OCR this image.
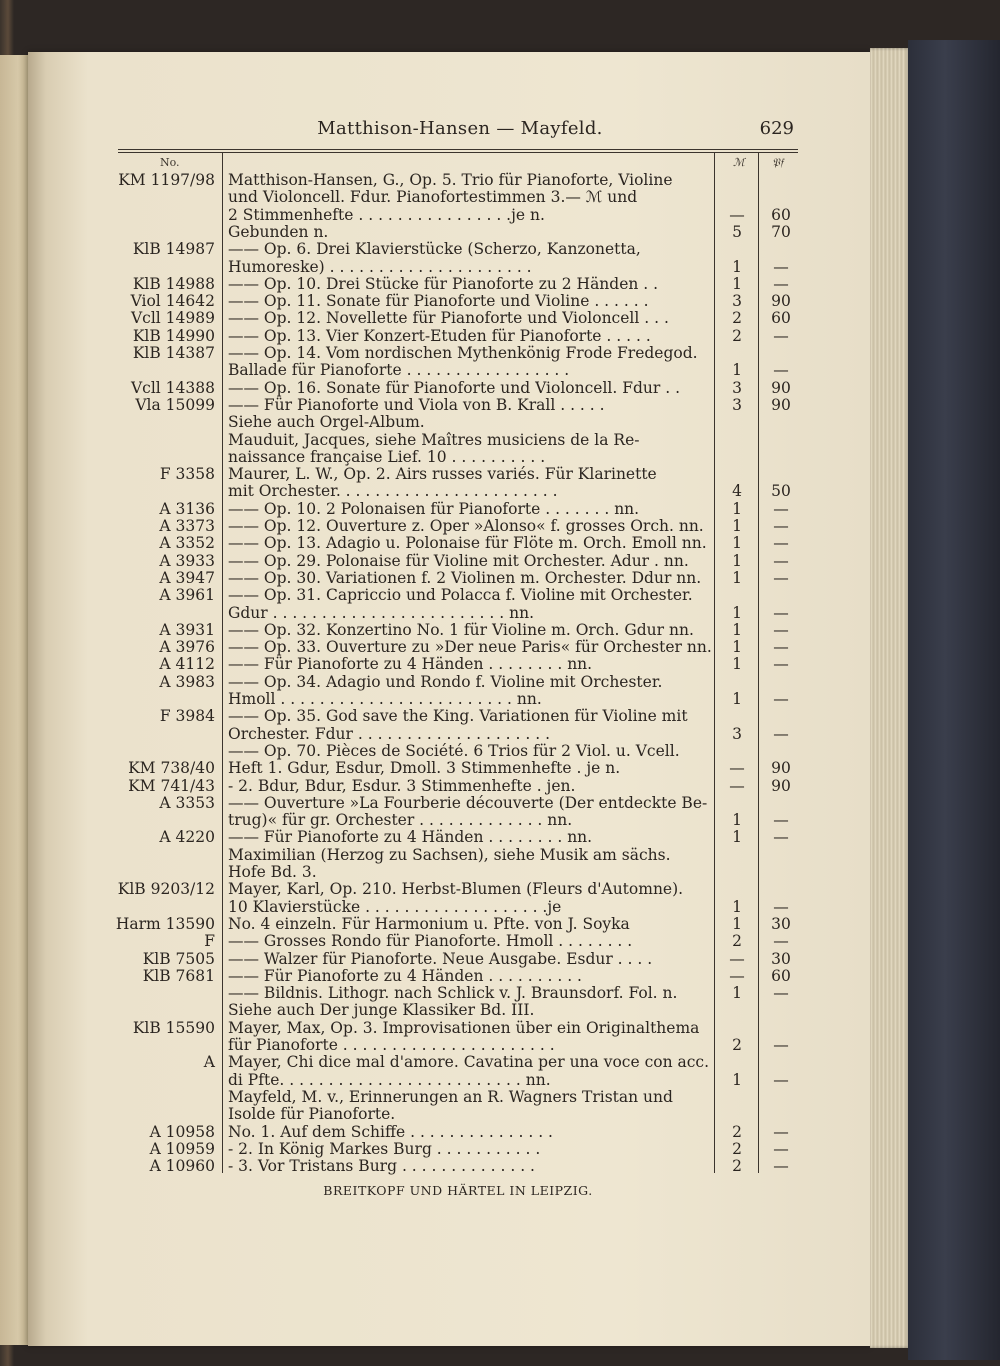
Matthison-Hansen — Mayfeld.	629
No.	ℳ 𝔓𝔣
KM 1197/98 Matthison-Hansen, G., Op. 5. Trio für Pianoforte, Violine
und Violoncell. Fdur. Pianofortestimmen 3.— ℳ und
2 Stimmenhefte . . . . . . . . . . . . . . . .je n.	—	60
Gebunden n.	5	70
KlB 14987 —— Op. 6. Drei Klavierstücke (Scherzo, Kanzonetta,
Humoreske) . . . . . . . . . . . . . . . . . . . . .	1	—
KlB 14988 —— Op. 10. Drei Stücke für Pianoforte zu 2 Händen . .	1	—
Viol 14642 —— Op. 11. Sonate für Pianoforte und Violine . . . . . .	3	90
Vcll 14989 —— Op. 12. Novellette für Pianoforte und Violoncell . . .	2	60
KlB 14990 —— Op. 13. Vier Konzert-Etuden für Pianoforte . . . . .	2	—
KlB 14387 —— Op. 14. Vom nordischen Mythenkönig Frode Fredegod.
Ballade für Pianoforte . . . . . . . . . . . . . . . . .	1	—
Vcll 14388 —— Op. 16. Sonate für Pianoforte und Violoncell. Fdur . .	3	90
Vla 15099 —— Für Pianoforte und Viola von B. Krall . . . . .	3	90
Siehe auch Orgel-Album.
Mauduit, Jacques, siehe Maîtres musiciens de la Re-
naissance française Lief. 10 . . . . . . . . . .
F 3358 Maurer, L. W., Op. 2. Airs russes variés. Für Klarinette
mit Orchester. . . . . . . . . . . . . . . . . . . . . . .	4	50
A 3136 —— Op. 10. 2 Polonaisen für Pianoforte . . . . . . . nn.	1	—
A 3373 —— Op. 12. Ouverture z. Oper »Alonso« f. grosses Orch. nn.	1	—
A 3352 —— Op. 13. Adagio u. Polonaise für Flöte m. Orch. Emoll nn.	1	—
A 3933 —— Op. 29. Polonaise für Violine mit Orchester. Adur . nn.	1	—
A 3947 —— Op. 30. Variationen f. 2 Violinen m. Orchester. Ddur nn.	1	—
A 3961 —— Op. 31. Capriccio und Polacca f. Violine mit Orchester.
Gdur . . . . . . . . . . . . . . . . . . . . . . . . nn.	1	—
A 3931 —— Op. 32. Konzertino No. 1 für Violine m. Orch. Gdur nn.	1	—
A 3976 —— Op. 33. Ouverture zu »Der neue Paris« für Orchester nn.	1	—
A 4112 —— Für Pianoforte zu 4 Händen . . . . . . . . nn.	1	—
A 3983 —— Op. 34. Adagio und Rondo f. Violine mit Orchester.
Hmoll . . . . . . . . . . . . . . . . . . . . . . . . nn.	1	—
F 3984 —— Op. 35. God save the King. Variationen für Violine mit
Orchester. Fdur . . . . . . . . . . . . . . . . . . . .	3	—
—— Op. 70. Pièces de Société. 6 Trios für 2 Viol. u. Vcell.
KM 738/40 Heft 1. Gdur, Esdur, Dmoll. 3 Stimmenhefte . je n.	—	90
KM 741/43 - 2. Bdur, Bdur, Esdur. 3 Stimmenhefte . jen.	—	90
A 3353 —— Ouverture »La Fourberie découverte (Der entdeckte Be-
trug)« für gr. Orchester . . . . . . . . . . . . . nn.	1	—
A 4220 —— Für Pianoforte zu 4 Händen . . . . . . . . nn.	1	—
Maximilian (Herzog zu Sachsen), siehe Musik am sächs.
Hofe Bd. 3.
KlB 9203/12 Mayer, Karl, Op. 210. Herbst-Blumen (Fleurs d'Automne).
10 Klavierstücke . . . . . . . . . . . . . . . . . . .je	1	—
Harm 13590 No. 4 einzeln. Für Harmonium u. Pfte. von J. Soyka	1	30
F —— Grosses Rondo für Pianoforte. Hmoll . . . . . . . .	2	—
KlB 7505 —— Walzer für Pianoforte. Neue Ausgabe. Esdur . . . .	—	30
KlB 7681 —— Für Pianoforte zu 4 Händen . . . . . . . . . .	—	60
—— Bildnis. Lithogr. nach Schlick v. J. Braunsdorf. Fol. n.	1	—
Siehe auch Der junge Klassiker Bd. III.
KlB 15590 Mayer, Max, Op. 3. Improvisationen über ein Originalthema
für Pianoforte . . . . . . . . . . . . . . . . . . . . . .	2	—
A Mayer, Chi dice mal d'amore. Cavatina per una voce con acc.
di Pfte. . . . . . . . . . . . . . . . . . . . . . . . . nn.	1	—
Mayfeld, M. v., Erinnerungen an R. Wagners Tristan und
Isolde für Pianoforte.
A 10958 No. 1. Auf dem Schiffe . . . . . . . . . . . . . . .	2	—
A 10959 - 2. In König Markes Burg . . . . . . . . . . .	2	—
A 10960 - 3. Vor Tristans Burg . . . . . . . . . . . . . .	2	—
BREITKOPF UND HÄRTEL IN LEIPZIG.
